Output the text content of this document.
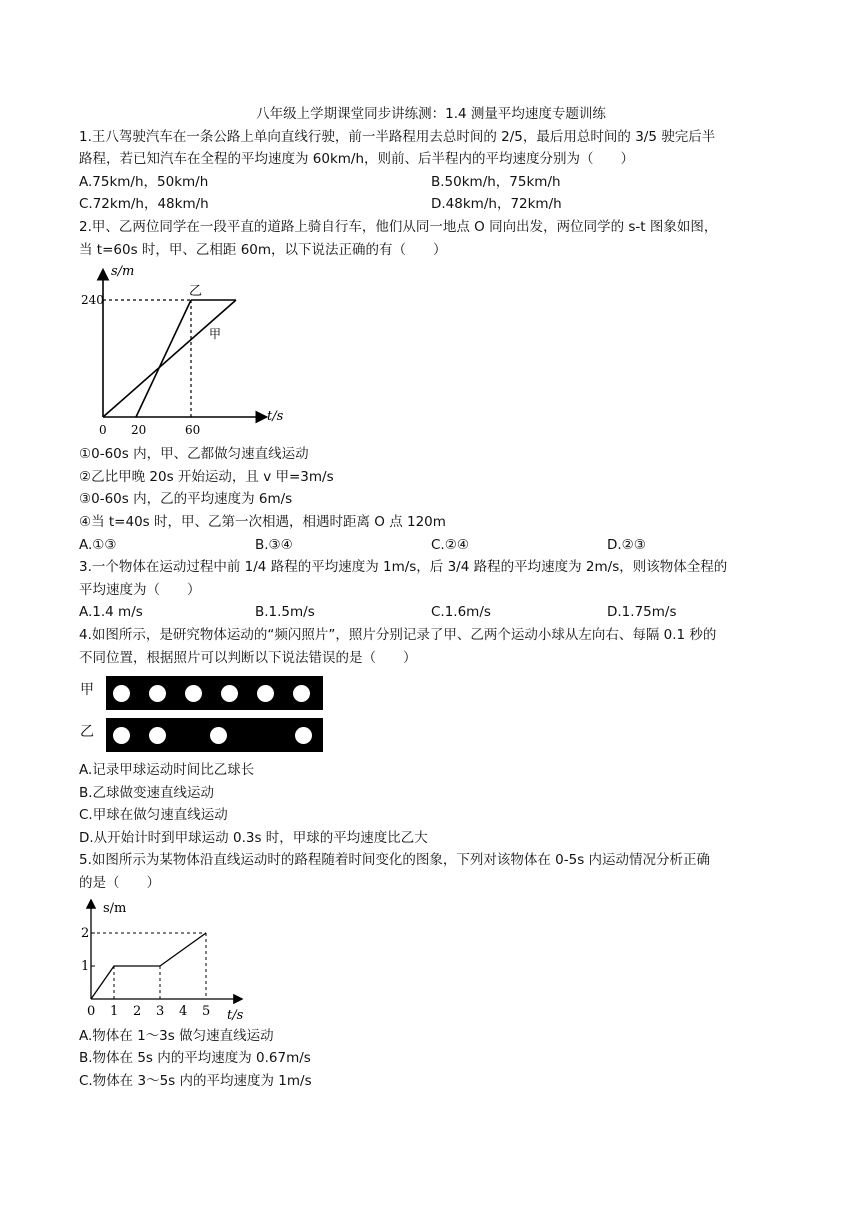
八年级上学期课堂同步讲练测：1.4 测量平均速度专题训练
1.王八驾驶汽车在一条公路上单向直线行驶，前一半路程用去总时间的 2/5，最后用总时间的 3/5 驶完后半
路程，若已知汽车在全程的平均速度为 60km/h，则前、后半程内的平均速度分别为（　　）
A.75km/h，50km/h	B.50km/h，75km/h
C.72km/h，48km/h	D.48km/h，72km/h
2.甲、乙两位同学在一段平直的道路上骑自行车，他们从同一地点 O 同向出发，两位同学的 s-t 图象如图，
当 t=60s 时，甲、乙相距 60m，以下说法正确的有（　　）
s/m
t/s
240
0 20	60
乙
甲
①0-60s 内，甲、乙都做匀速直线运动
②乙比甲晚 20s 开始运动，且 v 甲=3m/s
③0-60s 内，乙的平均速度为 6m/s
④当 t=40s 时，甲、乙第一次相遇，相遇时距离 O 点 120m
A.①③	B.③④	C.②④	D.②③
3.一个物体在运动过程中前 1/4 路程的平均速度为 1m/s，后 3/4 路程的平均速度为 2m/s，则该物体全程的
平均速度为（　　）
A.1.4 m/s	B.1.5m/s	C.1.6m/s	D.1.75m/s
4.如图所示，是研究物体运动的“频闪照片”，照片分别记录了甲、乙两个运动小球从左向右、每隔 0.1 秒的
不同位置，根据照片可以判断以下说法错误的是（　　）
甲
乙
A.记录甲球运动时间比乙球长
B.乙球做变速直线运动
C.甲球在做匀速直线运动
D.从开始计时到甲球运动 0.3s 时，甲球的平均速度比乙大
5.如图所示为某物体沿直线运动时的路程随着时间变化的图象，下列对该物体在 0-5s 内运动情况分析正确
的是（　　）
s/m
t/s
1
2
0 1 2 3 4 5
A.物体在 1～3s 做匀速直线运动
B.物体在 5s 内的平均速度为 0.67m/s
C.物体在 3～5s 内的平均速度为 1m/s
